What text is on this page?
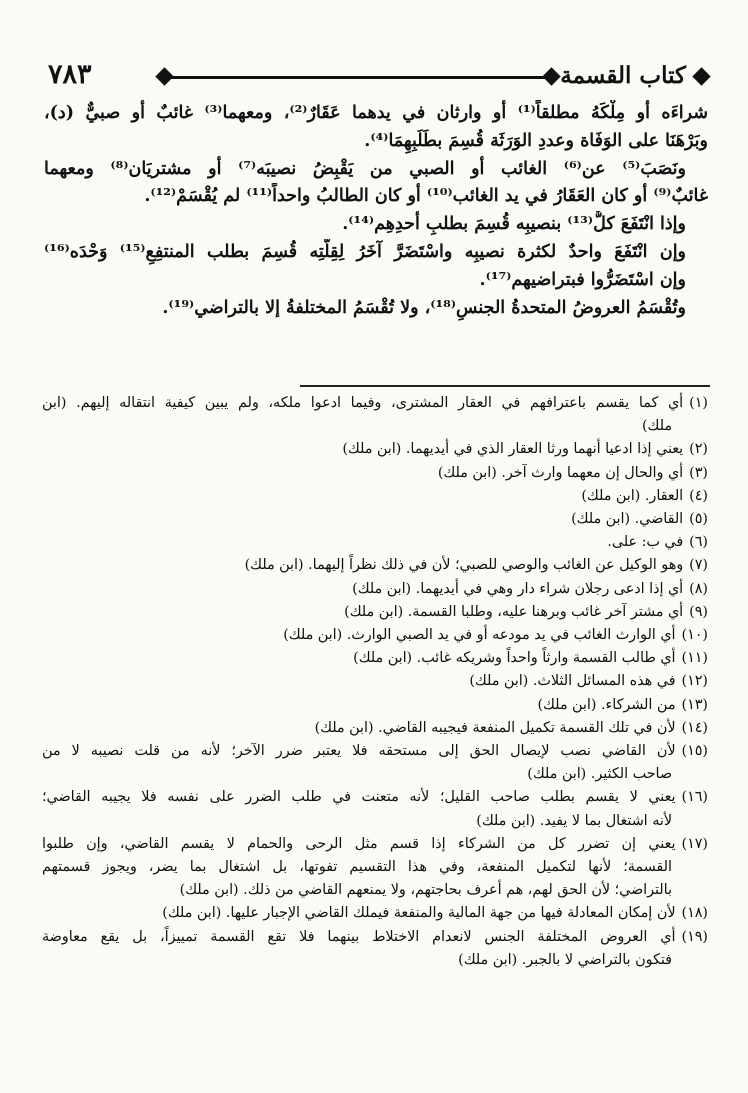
٧٨٣	كتاب القسمة
شراءَه أو مِلْكَهُ مطلقاً⁽¹⁾ أو وارثان في يدهما عَقَارٌ⁽²⁾، ومعهما⁽³⁾ غائبٌ أو صبيٌّ (د)،
وبَرْهَنَا على الوَفَاة وعددِ الوَرَثَة قُسِمَ بطَلَبِهِمَا⁽⁴⁾.
ونَصَبَ⁽⁵⁾ عن⁽⁶⁾ الغائب أو الصبي من يَقْبِضُ نصيبَه⁽⁷⁾ أو مشتريَان⁽⁸⁾ ومعهما
غائبٌ⁽⁹⁾ أو كان العَقَارُ في يد الغائب⁽¹⁰⁾ أو كان الطالبُ واحداً⁽¹¹⁾ لم يُقْسَمْ⁽¹²⁾.
وإذا انْتَفَعَ كلٌّ⁽¹³⁾ بنصيبِه قُسِمَ بطلبِ أحدِهِم⁽¹⁴⁾.
وإن انْتَفَعَ واحدٌ لكثرة نصيبِه واسْتَضَرَّ آخَرُ لِقِلَّتِه قُسِمَ بطلب المنتفِعِ⁽¹⁵⁾ وَحْدَه⁽¹⁶⁾
وإن اسْتَضَرُّوا فبتراضيهم⁽¹⁷⁾.
وتُقْسَمُ العروضُ المتحدةُ الجنسِ⁽¹⁸⁾، ولا تُقْسَمُ المختلفةُ إلا بالتراضي⁽¹⁹⁾.
(١)أي كما يقسم باعترافهم في العقار المشترى، وفيما ادعوا ملكه، ولم يبين كيفية انتقاله إليهم. (ابن
ملك)
(٢)يعني إذا ادعيا أنهما ورثا العقار الذي في أيديهما. (ابن ملك)
(٣)أي والحال إن معهما وارث آخر. (ابن ملك)
(٤)العقار. (ابن ملك)
(٥)القاضي. (ابن ملك)
(٦)في ب: على.
(٧)وهو الوكيل عن الغائب والوصي للصبي؛ لأن في ذلك نظراً إليهما. (ابن ملك)
(٨)أي إذا ادعى رجلان شراء دار وهي في أيديهما. (ابن ملك)
(٩)أي مشتر آخر غائب وبرهنا عليه، وطلبا القسمة. (ابن ملك)
(١٠)أي الوارث الغائب في يد مودعه أو في يد الصبي الوارث. (ابن ملك)
(١١)أي طالب القسمة وارثاً واحداً وشريكه غائب. (ابن ملك)
(١٢)في هذه المسائل الثلاث. (ابن ملك)
(١٣)من الشركاء. (ابن ملك)
(١٤)لأن في تلك القسمة تكميل المنفعة فيجيبه القاضي. (ابن ملك)
(١٥)لأن القاضي نصب لإيصال الحق إلى مستحقه فلا يعتبر ضرر الآخر؛ لأنه من قلت نصيبه لا من
صاحب الكثير. (ابن ملك)
(١٦)يعني لا يقسم بطلب صاحب القليل؛ لأنه متعنت في طلب الضرر على نفسه فلا يجيبه القاضي؛
لأنه اشتغال بما لا يفيد. (ابن ملك)
(١٧)يعني إن تضرر كل من الشركاء إذا قسم مثل الرحى والحمام لا يقسم القاضي، وإن طلبوا
القسمة؛ لأنها لتكميل المنفعة، وفي هذا التقسيم تفوتها، بل اشتغال بما يضر، ويجوز قسمتهم
بالتراضي؛ لأن الحق لهم، هم أعرف بحاجتهم، ولا يمنعهم القاضي من ذلك. (ابن ملك)
(١٨)لأن إمكان المعادلة فيها من جهة المالية والمنفعة فيملك القاضي الإجبار عليها. (ابن ملك)
(١٩)أي العروض المختلفة الجنس لانعدام الاختلاط بينهما فلا تقع القسمة تمييزاً، بل يقع معاوضة
فتكون بالتراضي لا بالجبر. (ابن ملك)
